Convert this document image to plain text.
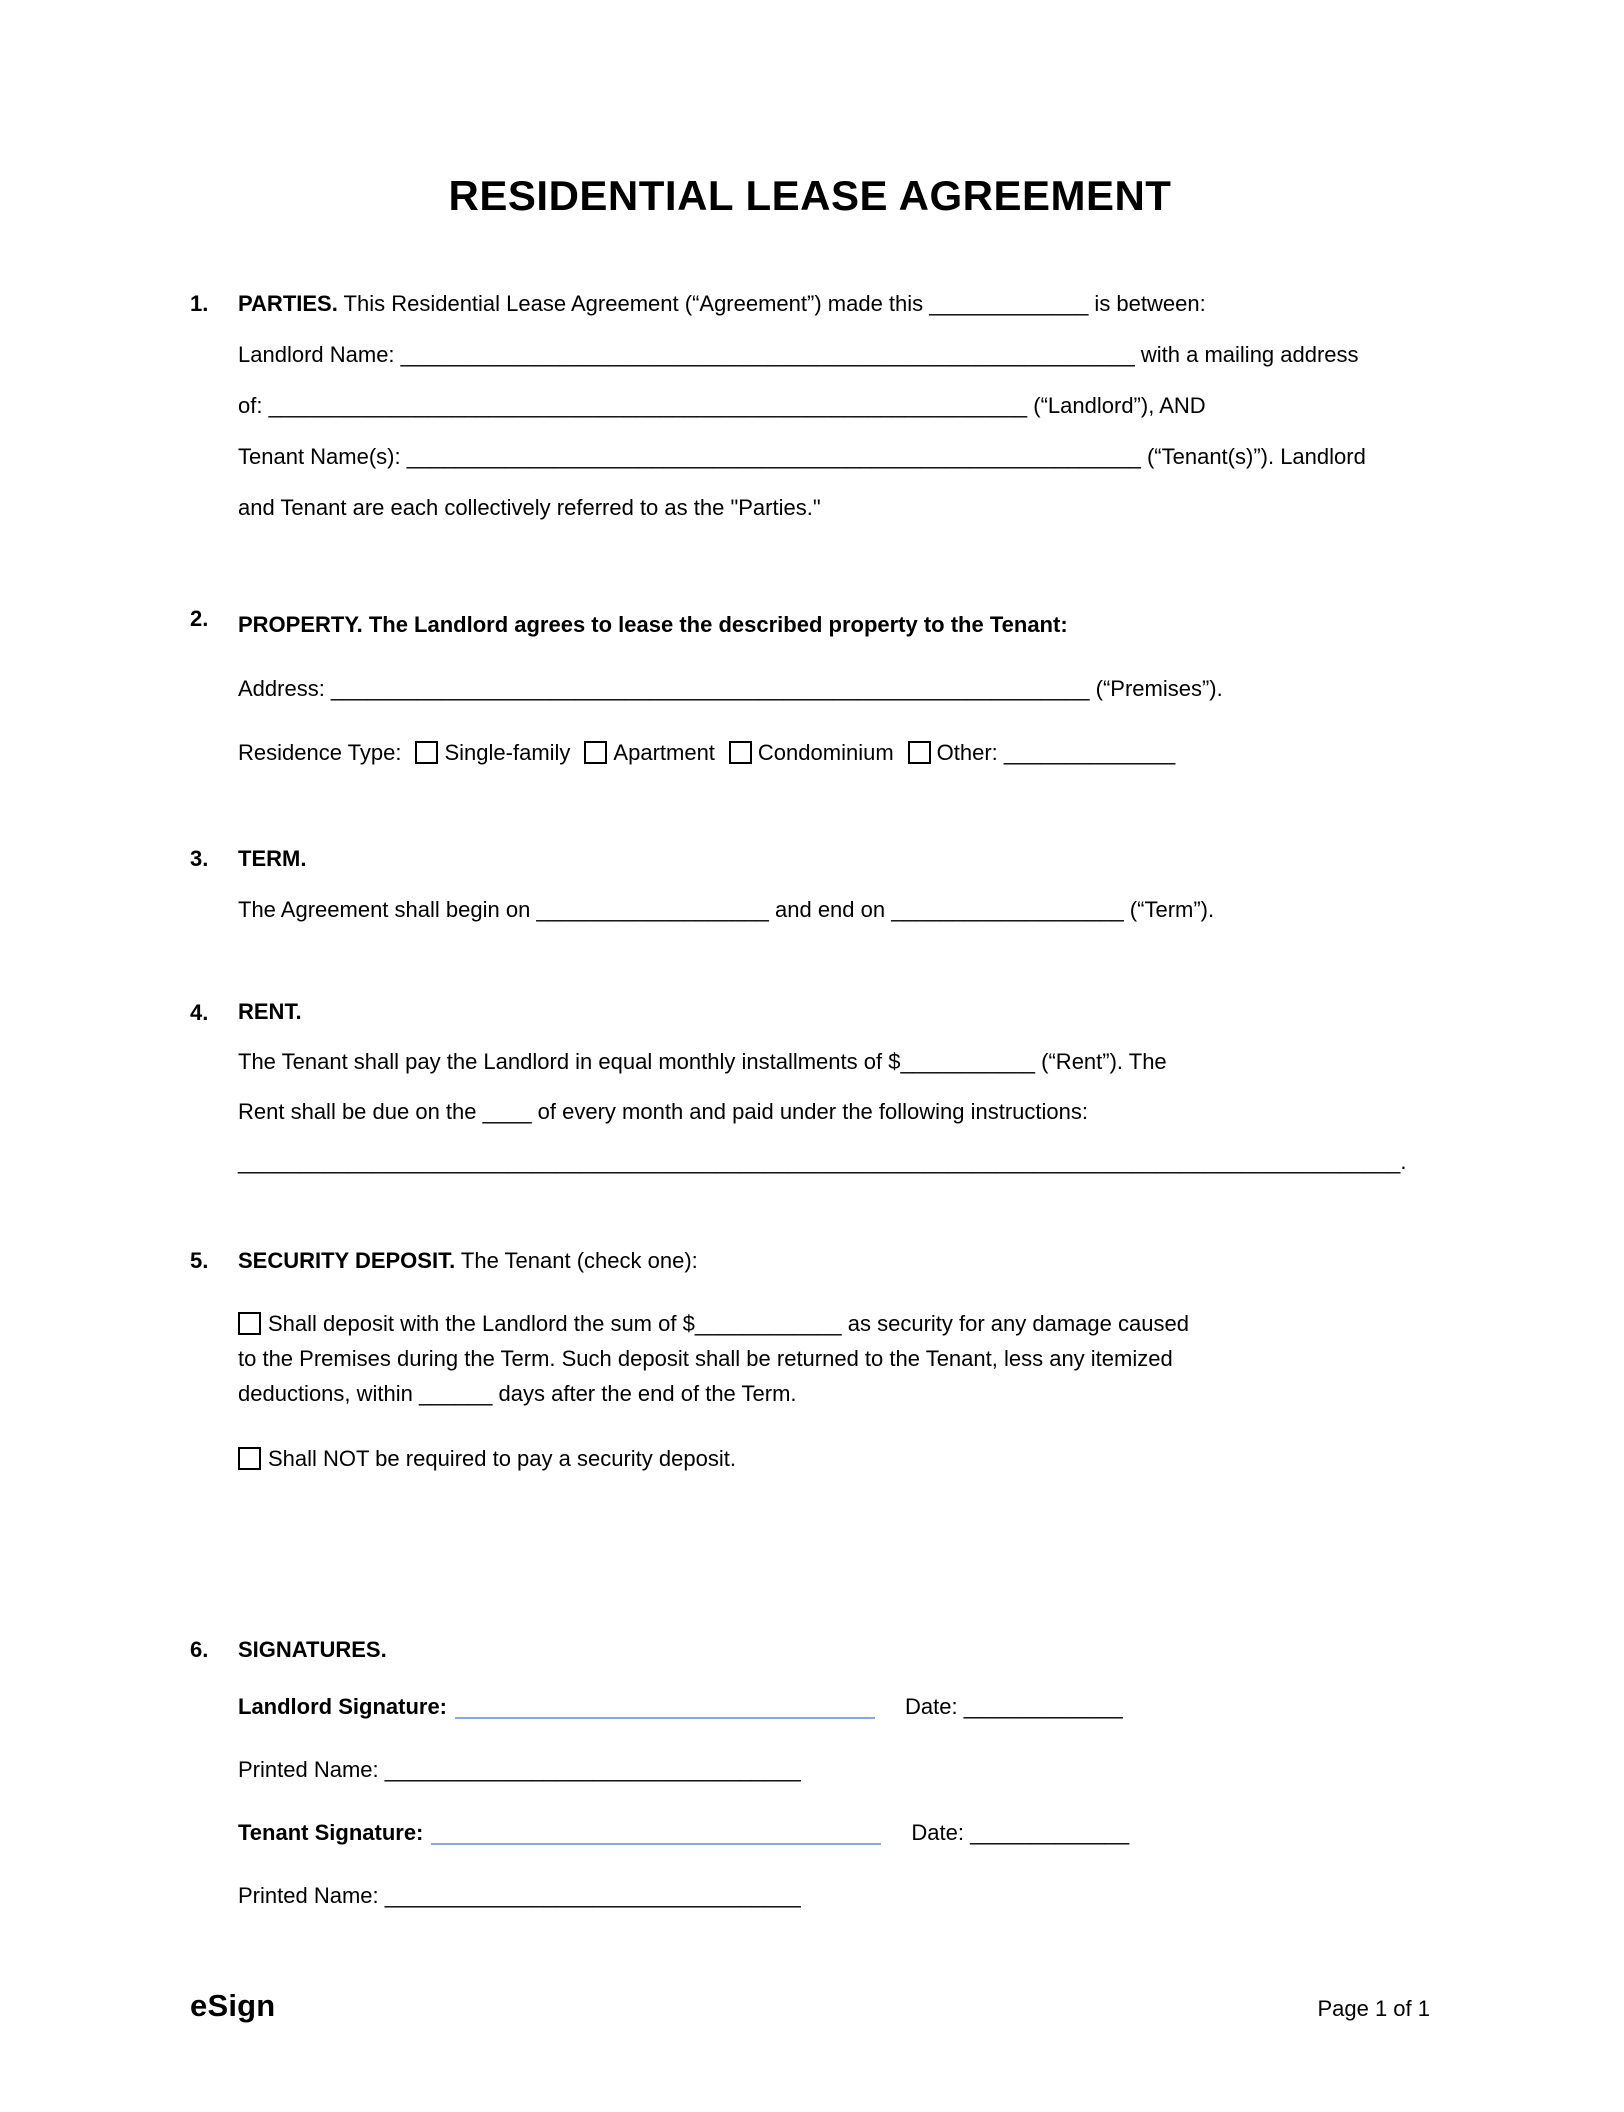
RESIDENTIAL LEASE AGREEMENT
1.	PARTIES. This Residential Lease Agreement (“Agreement”) made this _____________ is between:
Landlord Name: ____________________________________________________________ with a mailing address
of: ______________________________________________________________ (“Landlord”), AND
Tenant Name(s): ____________________________________________________________ (“Tenant(s)”). Landlord
and Tenant are each collectively referred to as the "Parties."
2.	PROPERTY. The Landlord agrees to lease the described property to the Tenant:
Address: ______________________________________________________________ (“Premises”).
Residence Type: Single-family Apartment Condominium Other: ______________
3.	TERM.
The Agreement shall begin on ___________________ and end on ___________________ (“Term”).
4.	RENT.
The Tenant shall pay the Landlord in equal monthly installments of $___________ (“Rent”). The
Rent shall be due on the ____ of every month and paid under the following instructions:
_______________________________________________________________________________________________.
5.	SECURITY DEPOSIT. The Tenant (check one):
Shall deposit with the Landlord the sum of $____________ as security for any damage caused
to the Premises during the Term. Such deposit shall be returned to the Tenant, less any itemized
deductions, within ______ days after the end of the Term.
Shall NOT be required to pay a security deposit.
6.	SIGNATURES.
Landlord Signature:	Date: _____________
Printed Name: __________________________________
Tenant Signature:	Date: _____________
Printed Name: __________________________________
eSign	Page 1 of 1
